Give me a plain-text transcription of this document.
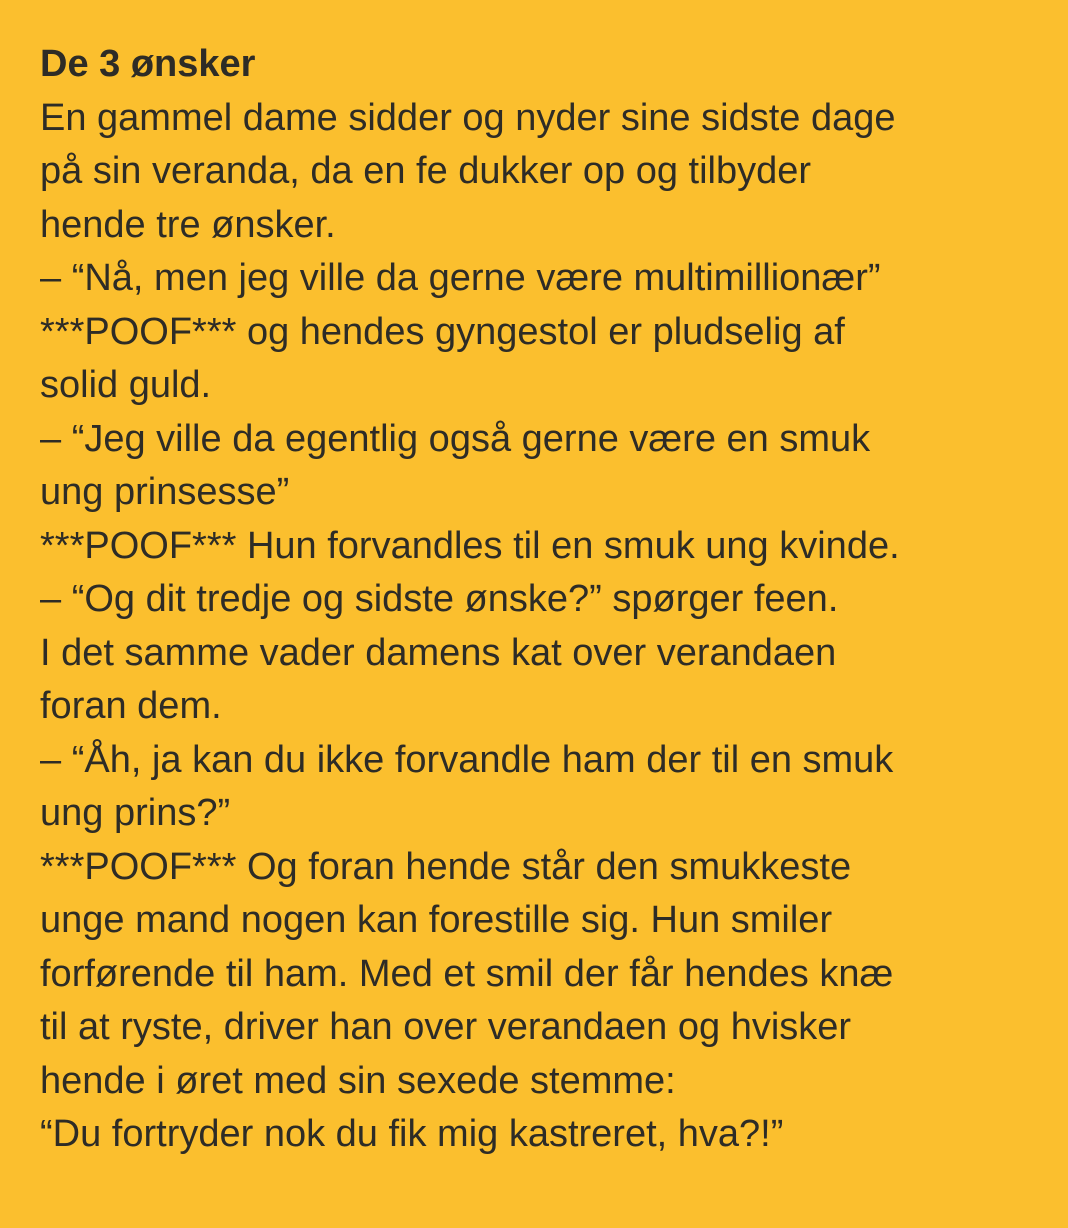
De 3 ønsker
En gammel dame sidder og nyder sine sidste dage
på sin veranda, da en fe dukker op og tilbyder
hende tre ønsker.
– “Nå, men jeg ville da gerne være multimillionær”
***POOF*** og hendes gyngestol er pludselig af
solid guld.
– “Jeg ville da egentlig også gerne være en smuk
ung prinsesse”
***POOF*** Hun forvandles til en smuk ung kvinde.
– “Og dit tredje og sidste ønske?” spørger feen.
I det samme vader damens kat over verandaen
foran dem.
– “Åh, ja kan du ikke forvandle ham der til en smuk
ung prins?”
***POOF*** Og foran hende står den smukkeste
unge mand nogen kan forestille sig. Hun smiler
forførende til ham. Med et smil der får hendes knæ
til at ryste, driver han over verandaen og hvisker
hende i øret med sin sexede stemme:
“Du fortryder nok du fik mig kastreret, hva?!”
